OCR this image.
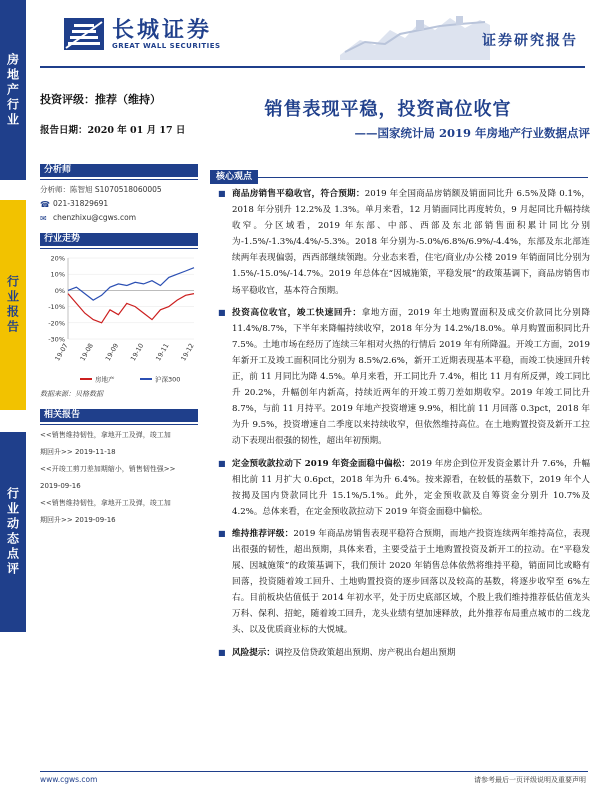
房地产行业
行业报告
行业动态点评
长城证券
GREAT WALL SECURITIES	证券研究报告
投资评级：推荐（维持）
报告日期：2020 年 01 月 17 日
分析师
分析师：陈智旭 S1070518060005
☎ 021-31829691
✉ chenzhixu@cgws.com
行业走势
20%
10%
0%
-10%
-20%
-30%
19-07 19-08 19-09 19-10 19-11 19-12
房地产	沪深300
数据来源：贝格数据
相关报告
<<销售维持韧性，拿地开工及弹，竣工加
期回升>> 2019-11-18
<<开竣工剪刀差加期缩小，销售韧性强>>
2019-09-16
<<销售维持韧性，拿地开工及弹，竣工加
期回升>> 2019-09-16
销售表现平稳，投资高位收官
——国家统计局 2019 年房地产行业数据点评
核心观点
■ 商品房销售平稳收官，符合预期：2019 年全国商品房销额及销面同比升 6.5%及降 0.1%，2018 年分别升 12.2%及 1.3%。单月来看，12 月销面同比再度转负，9 月起同比升幅持续收窄。分区域看，2019 年东部、中部、西部及东北部销售面积累计同比分别为-1.5%/-1.3%/4.4%/-5.3%。2018 年分别为-5.0%/6.8%/6.9%/-4.4%，东部及东北部连续两年表现偏弱，西西部继续领跑。分业态来看，住宅/商业/办公楼 2019 年销面同比分别为 1.5%/-15.0%/-14.7%。2019 年总体在“因城施策，平稳发展”的政策基调下，商品房销售市场平稳收官，基本符合预期。
■ 投资高位收官，竣工快速回升：拿地方面，2019 年土地购置面积及成交价款同比分别降 11.4%/8.7%，下半年来降幅持续收窄，2018 年分为 14.2%/18.0%。单月购置面积同比升 7.5%。土地市场在经历了连续三年相对火热的行情后 2019 年有所降温。开竣工方面，2019 年新开工及竣工面积同比分别为 8.5%/2.6%，新开工近期表现基本平稳，而竣工快速回升转正，前 11 月同比为降 4.5%。单月来看，开工同比升 7.4%，相比 11 月有所反弹，竣工同比升 20.2%，升幅创年内新高，持续近两年的开竣工剪刀差如期收窄。2019 年竣工同比升 8.7%，与前 11 月持平。2019 年地产投资增速 9.9%，相比前 11 月回落 0.3pct，2018 年为升 9.5%，投资增速自二季度以来持续收窄，但依然维持高位。在土地购置投资及新开工拉动下表现出很强的韧性，超出年初预期。
■ 定金预收款拉动下 2019 年资金面稳中偏松：2019 年房企到位开发资金累计升 7.6%，升幅相比前 11 月扩大 0.6pct，2018 年为升 6.4%。按来源看，在较低的基数下，2019 年个人按揭及国内贷款同比升 15.1%/5.1%。此外，定金预收款及自筹资金分别升 10.7%及 4.2%。总体来看，在定金预收款拉动下 2019 年资金面稳中偏松。
■ 维持推荐评级：2019 年商品房销售表现平稳符合预期，而地产投资连续两年维持高位，表现出很强的韧性，超出预期，具体来看，主要受益于土地购置投资及新开工的拉动。在“平稳发展、因城施策”的政策基调下，我们预计 2020 年销售总体依然将维持平稳，销面同比或略有回落，投资随着竣工回升、土地购置投资的逐步回落以及较高的基数，将逐步收窄至 6%左右。目前板块估值低于 2014 年初水平，处于历史底部区域，个股上我们维持推荐低估值龙头万科、保利、招蛇，随着竣工回升，龙头业绩有望加速释放，此外推荐布局重点城市的二线龙头、以及优质商业标的大悦城。
■ 风险提示：调控及信贷政策超出预期、房产税出台超出预期
www.cgws.com	请参考最后一页评级说明及重要声明
